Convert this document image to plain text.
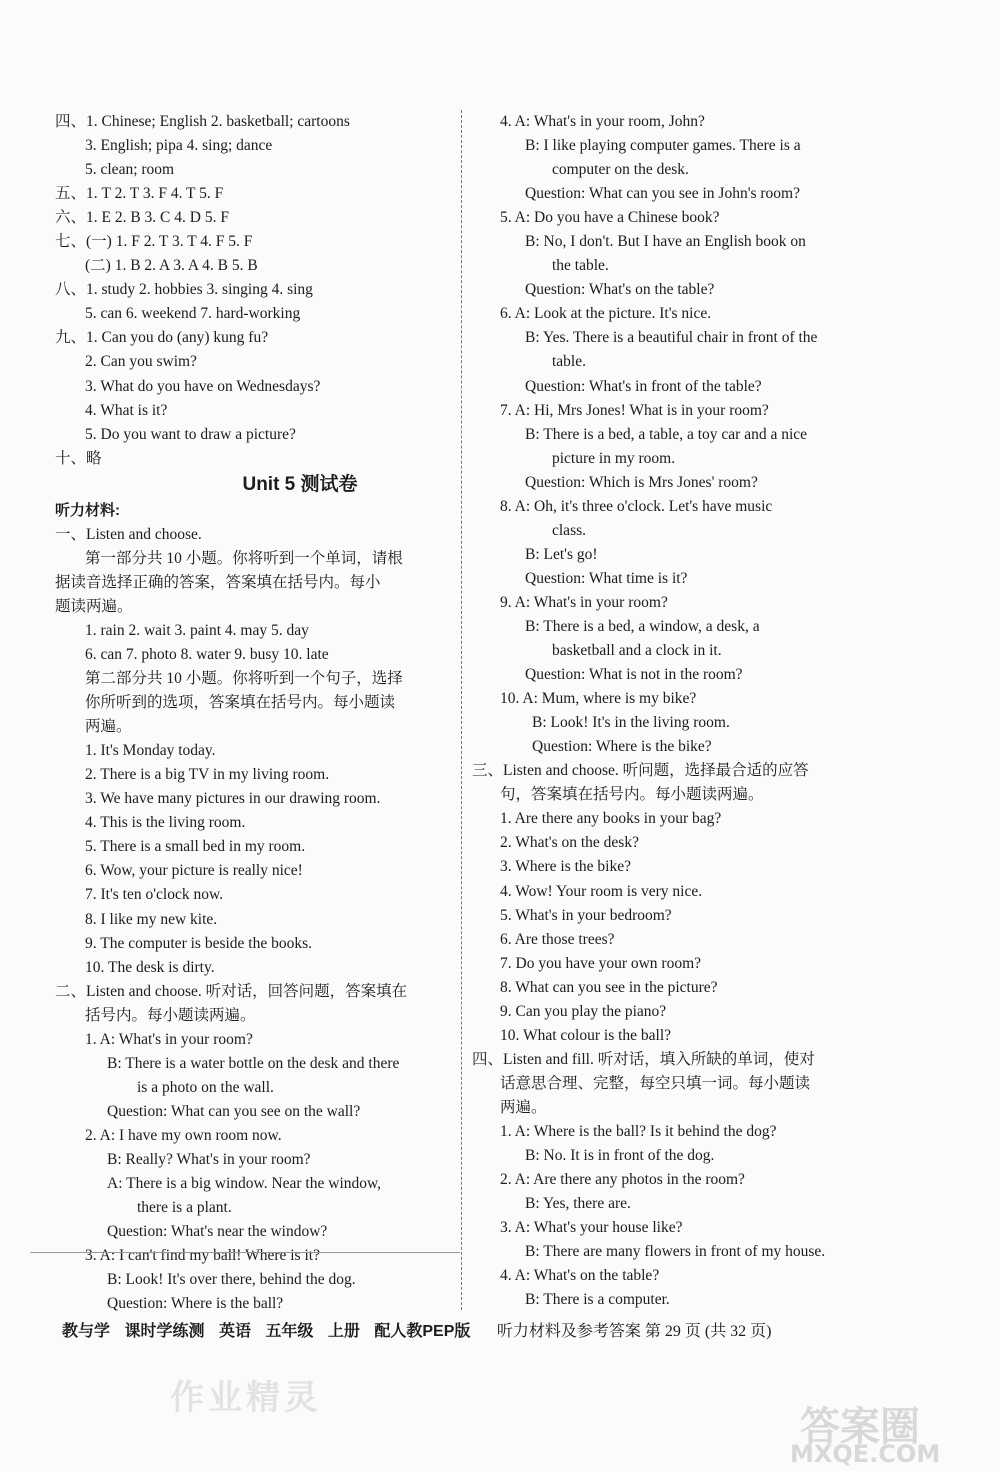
四、1. Chinese; English 2. basketball; cartoons
3. English; pipa 4. sing; dance
5. clean; room
五、1. T 2. T 3. F 4. T 5. F
六、1. E 2. B 3. C 4. D 5. F
七、(一) 1. F 2. T 3. T 4. F 5. F
(二) 1. B 2. A 3. A 4. B 5. B
八、1. study 2. hobbies 3. singing 4. sing
5. can 6. weekend 7. hard-working
九、1. Can you do (any) kung fu?
2. Can you swim?
3. What do you have on Wednesdays?
4. What is it?
5. Do you want to draw a picture?
十、略
Unit 5 测试卷
听力材料:
一、Listen and choose.
第一部分共 10 小题。你将听到一个单词，请根
据读音选择正确的答案，答案填在括号内。每小
题读两遍。
1. rain 2. wait 3. paint 4. may 5. day
6. can 7. photo 8. water 9. busy 10. late
第二部分共 10 小题。你将听到一个句子，选择
你所听到的选项，答案填在括号内。每小题读
两遍。
1. It's Monday today.
2. There is a big TV in my living room.
3. We have many pictures in our drawing room.
4. This is the living room.
5. There is a small bed in my room.
6. Wow, your picture is really nice!
7. It's ten o'clock now.
8. I like my new kite.
9. The computer is beside the books.
10. The desk is dirty.
二、Listen and choose. 听对话，回答问题，答案填在
括号内。每小题读两遍。
1. A: What's in your room?
B: There is a water bottle on the desk and there
is a photo on the wall.
Question: What can you see on the wall?
2. A: I have my own room now.
B: Really? What's in your room?
A: There is a big window. Near the window,
there is a plant.
Question: What's near the window?
3. A: I can't find my ball! Where is it?
B: Look! It's over there, behind the dog.
Question: Where is the ball?
4. A: What's in your room, John?
B: I like playing computer games. There is a
computer on the desk.
Question: What can you see in John's room?
5. A: Do you have a Chinese book?
B: No, I don't. But I have an English book on
the table.
Question: What's on the table?
6. A: Look at the picture. It's nice.
B: Yes. There is a beautiful chair in front of the
table.
Question: What's in front of the table?
7. A: Hi, Mrs Jones! What is in your room?
B: There is a bed, a table, a toy car and a nice
picture in my room.
Question: Which is Mrs Jones' room?
8. A: Oh, it's three o'clock. Let's have music
class.
B: Let's go!
Question: What time is it?
9. A: What's in your room?
B: There is a bed, a window, a desk, a
basketball and a clock in it.
Question: What is not in the room?
10. A: Mum, where is my bike?
B: Look! It's in the living room.
Question: Where is the bike?
三、Listen and choose. 听问题，选择最合适的应答
句，答案填在括号内。每小题读两遍。
1. Are there any books in your bag?
2. What's on the desk?
3. Where is the bike?
4. Wow! Your room is very nice.
5. What's in your bedroom?
6. Are those trees?
7. Do you have your own room?
8. What can you see in the picture?
9. Can you play the piano?
10. What colour is the ball?
四、Listen and fill. 听对话，填入所缺的单词，使对
话意思合理、完整，每空只填一词。每小题读
两遍。
1. A: Where is the ball? Is it behind the dog?
B: No. It is in front of the dog.
2. A: Are there any photos in the room?
B: Yes, there are.
3. A: What's your house like?
B: There are many flowers in front of my house.
4. A: What's on the table?
B: There is a computer.
教与学 课时学练测 英语 五年级 上册 配人教PEP版 听力材料及参考答案 第 29 页 (共 32 页)
作业精灵
答案圈
MXQE.COM
